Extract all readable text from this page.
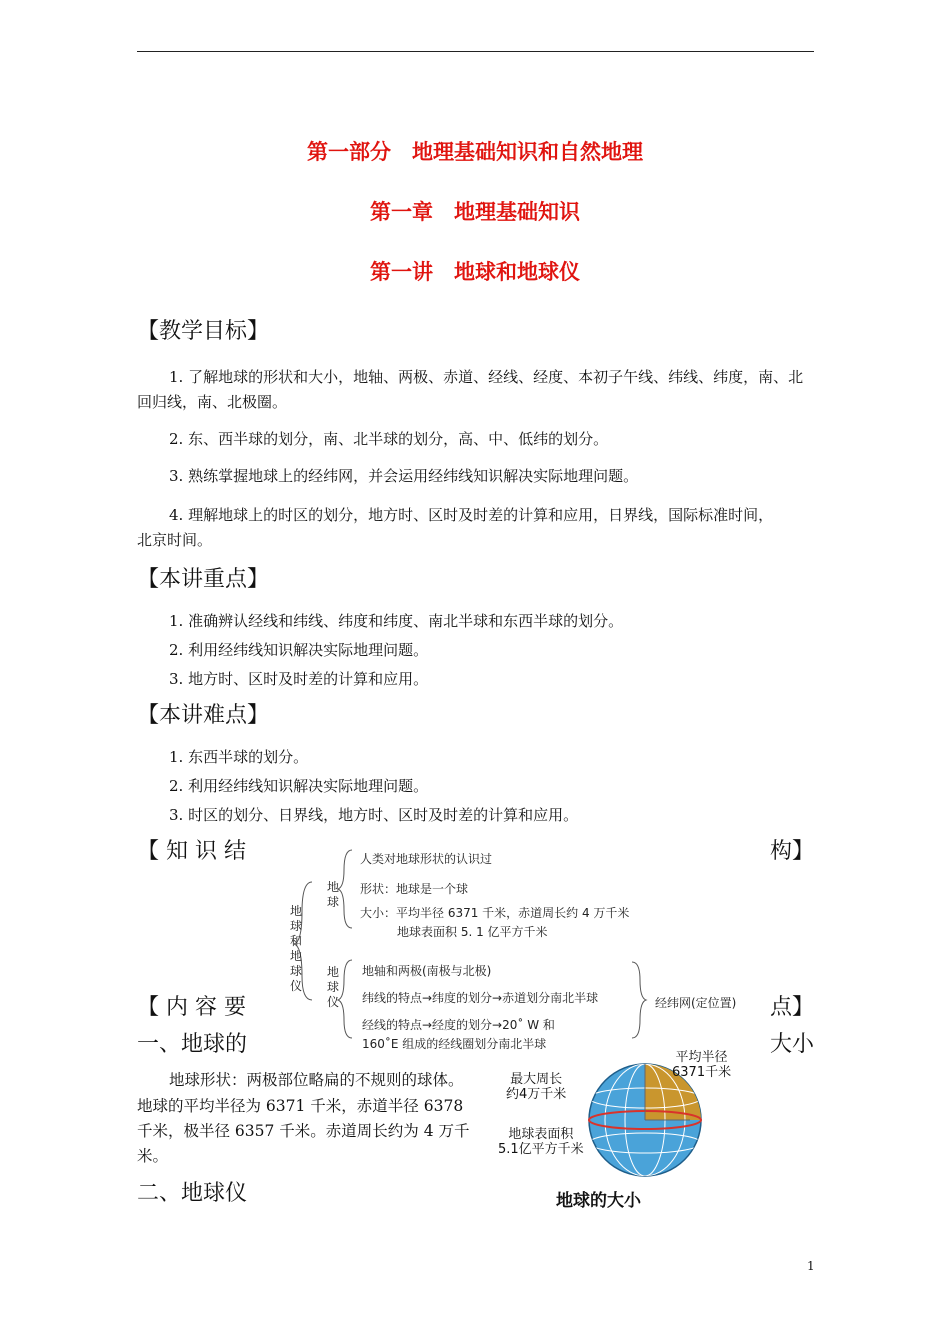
第一部分　地理基础知识和自然地理
第一章　地理基础知识
第一讲　地球和地球仪
【教学目标】
1. 了解地球的形状和大小，地轴、两极、赤道、经线、经度、本初子午线、纬线、纬度，南、北
回归线，南、北极圈。
2. 东、西半球的划分，南、北半球的划分，高、中、低纬的划分。
3. 熟练掌握地球上的经纬网，并会运用经纬线知识解决实际地理问题。
4. 理解地球上的时区的划分，地方时、区时及时差的计算和应用，日界线，国际标准时间，
北京时间。
【本讲重点】
1. 准确辨认经线和纬线、纬度和纬度、南北半球和东西半球的划分。
2. 利用经纬线知识解决实际地理问题。
3. 地方时、区时及时差的计算和应用。
【本讲难点】
1. 东西半球的划分。
2. 利用经纬线知识解决实际地理问题。
3. 时区的划分、日界线，地方时、区时及时差的计算和应用。
【 知 识 结	构】
地球和地球仪
地球
地球仪
人类对地球形状的认识过
形状：地球是一个球
大小：平均半径 6371 千米，赤道周长约 4 万千米
地球表面积 5. 1 亿平方千米
地轴和两极(南极与北极)
纬线的特点→纬度的划分→赤道划分南北半球
经线的特点→经度的划分→20˚ W 和
160˚E 组成的经线圈划分南北半球
经纬网(定位置)
【 内 容 要	点】
一、地球的	大小
地球形状：两极部位略扁的不规则的球体。
地球的平均半径为 6371 千米，赤道半径 6378
千米，极半径 6357 千米。赤道周长约为 4 万千
米。
平均半径
6371千米
最大周长
约4万千米
地球表面积
5.1亿平方千米
地球的大小
二、地球仪
1
